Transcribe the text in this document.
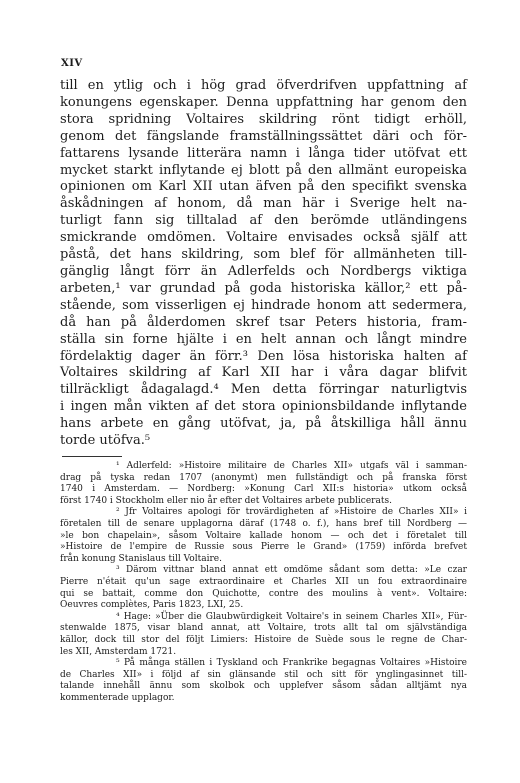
XIV
till en ytlig och i hög grad öfverdrifven uppfattning af
konungens egenskaper. Denna uppfattning har genom den
stora spridning Voltaires skildring rönt tidigt erhöll,
genom det fängslande framställningssättet däri och för-
fattarens lysande litterära namn i långa tider utöfvat ett
mycket starkt inflytande ej blott på den allmänt europeiska
opinionen om Karl XII utan äfven på den specifikt svenska
åskådningen af honom, då man här i Sverige helt na-
turligt fann sig tilltalad af den berömde utländingens
smickrande omdömen. Voltaire envisades också själf att
påstå, det hans skildring, som blef för allmänheten till-
gänglig långt förr än Adlerfelds och Nordbergs viktiga
arbeten,¹ var grundad på goda historiska källor,² ett på-
stående, som visserligen ej hindrade honom att sedermera,
då han på ålderdomen skref tsar Peters historia, fram-
ställa sin forne hjälte i en helt annan och långt mindre
fördelaktig dager än förr.³ Den lösa historiska halten af
Voltaires skildring af Karl XII har i våra dagar blifvit
tillräckligt ådagalagd.⁴ Men detta förringar naturligtvis
i ingen mån vikten af det stora opinionsbildande inflytande
hans arbete en gång utöfvat, ja, på åtskilliga håll ännu
torde utöfva.⁵
¹ Adlerfeld: »Histoire militaire de Charles XII» utgafs väl i samman-
drag på tyska redan 1707 (anonymt) men fullständigt och på franska först
1740 i Amsterdam. — Nordberg: »Konung Carl XII:s historia» utkom också
först 1740 i Stockholm eller nio år efter det Voltaires arbete publicerats.
² Jfr Voltaires apologi för trovärdigheten af »Histoire de Charles XII» i
företalen till de senare upplagorna däraf (1748 o. f.), hans bref till Nordberg —
»le bon chapelain», såsom Voltaire kallade honom — och det i företalet till
»Histoire de l'empire de Russie sous Pierre le Grand» (1759) införda brefvet
från konung Stanislaus till Voltaire.
³ Därom vittnar bland annat ett omdöme sådant som detta: »Le czar
Pierre n'était qu'un sage extraordinaire et Charles XII un fou extraordinaire
qui se battait, comme don Quichotte, contre des moulins à vent». Voltaire:
Oeuvres complètes, Paris 1823, LXI, 25.
⁴ Hage: »Über die Glaubwürdigkeit Voltaire's in seinem Charles XII», Für-
stenwalde 1875, visar bland annat, att Voltaire, trots allt tal om självständiga
källor, dock till stor del följt Limiers: Histoire de Suède sous le regne de Char-
les XII, Amsterdam 1721.
⁵ På många ställen i Tyskland och Frankrike begagnas Voltaires »Histoire
de Charles XII» i följd af sin glänsande stil och sitt för ynglingasinnet till-
talande innehåll ännu som skolbok och upplefver såsom sådan alltjämt nya
kommenterade upplagor.
